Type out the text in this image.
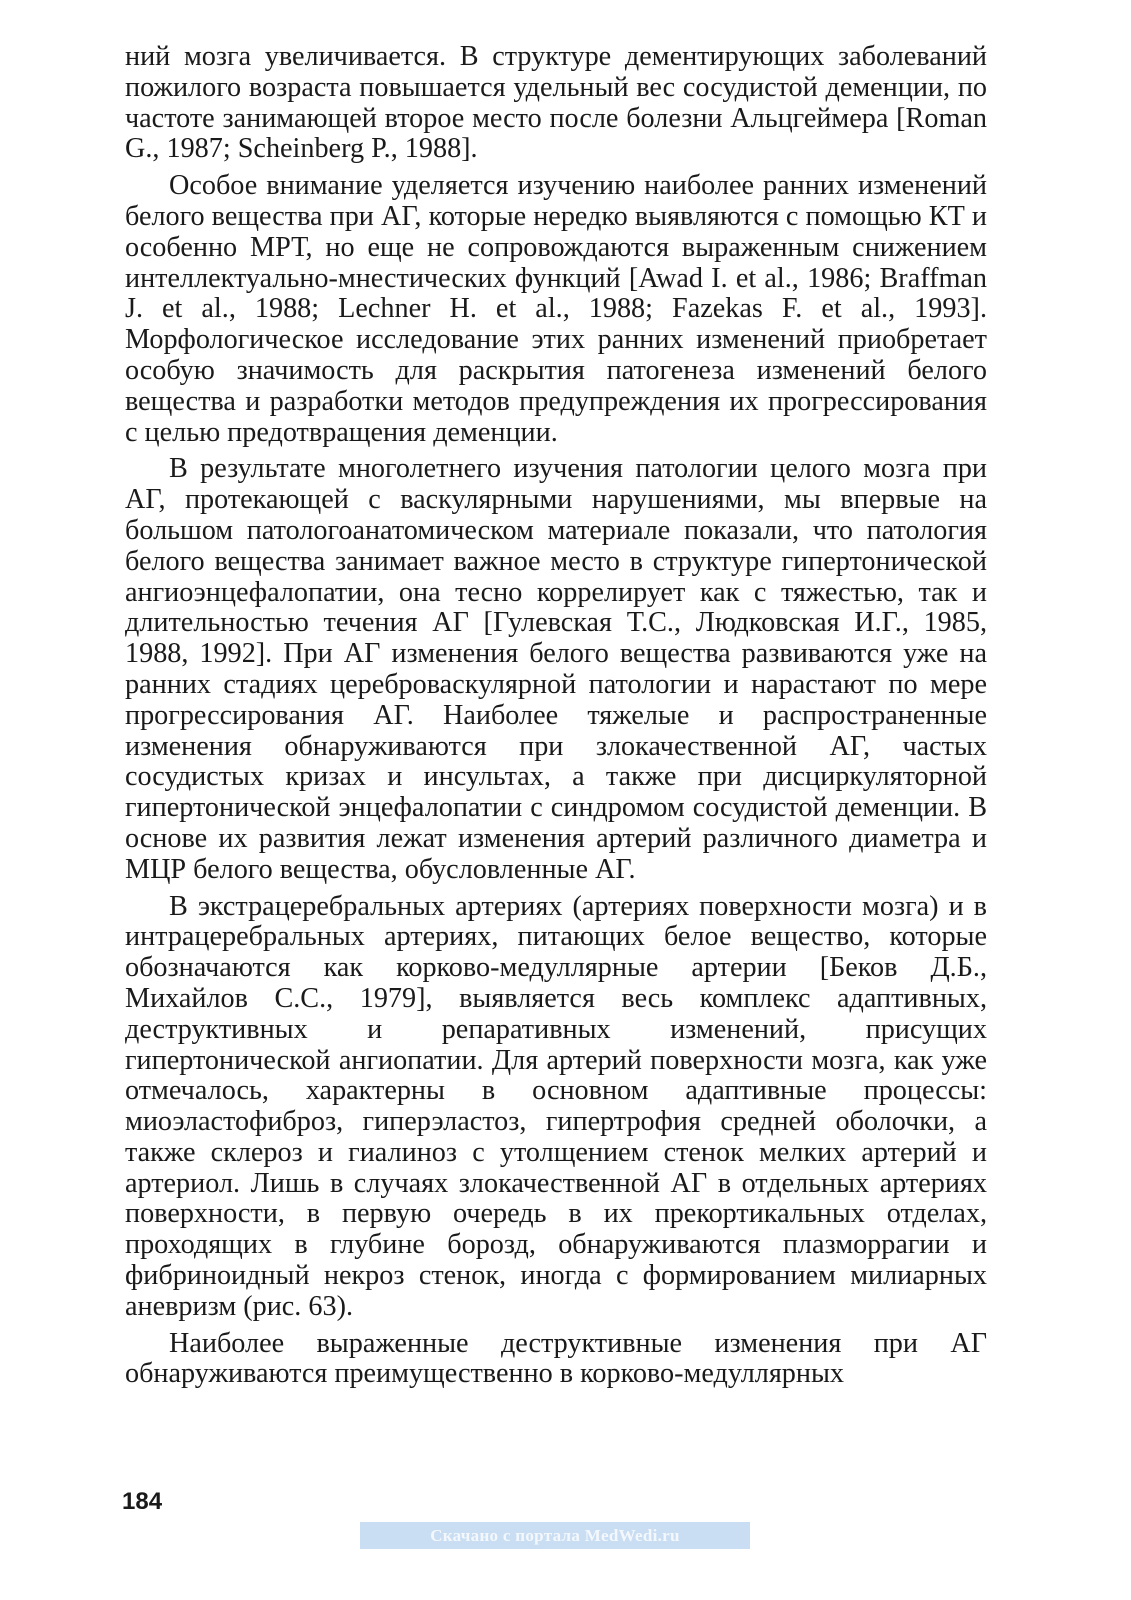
ний мозга увеличивается. В структуре дементирующих заболеваний пожилого возраста повышается удельный вес сосудистой деменции, по частоте занимающей второе место после болезни Альцгеймера [Roman G., 1987; Scheinberg P., 1988].

Особое внимание уделяется изучению наиболее ранних изменений белого вещества при АГ, которые нередко выявляются с помощью КТ и особенно МРТ, но еще не сопровождаются выраженным снижением интеллектуально-мнестических функций [Awad I. et al., 1986; Braffman J. et al., 1988; Lechner H. et al., 1988; Fazekas F. et al., 1993]. Морфологическое исследование этих ранних изменений приобретает особую значимость для раскрытия патогенеза изменений белого вещества и разработки методов предупреждения их прогрессирования с целью предотвращения деменции.

В результате многолетнего изучения патологии целого мозга при АГ, протекающей с васкулярными нарушениями, мы впервые на большом патологоанатомическом материале показали, что патология белого вещества занимает важное место в структуре гипертонической ангиоэнцефалопатии, она тесно коррелирует как с тяжестью, так и длительностью течения АГ [Гулевская Т.С., Людковская И.Г., 1985, 1988, 1992]. При АГ изменения белого вещества развиваются уже на ранних стадиях цереброваскулярной патологии и нарастают по мере прогрессирования АГ. Наиболее тяжелые и распространенные изменения обнаруживаются при злокачественной АГ, частых сосудистых кризах и инсультах, а также при дисциркуляторной гипертонической энцефалопатии с синдромом сосудистой деменции. В основе их развития лежат изменения артерий различного диаметра и МЦР белого вещества, обусловленные АГ.

В экстрацеребральных артериях (артериях поверхности мозга) и в интрацеребральных артериях, питающих белое вещество, которые обозначаются как корково-медуллярные артерии [Беков Д.Б., Михайлов С.С., 1979], выявляется весь комплекс адаптивных, деструктивных и репаративных изменений, присущих гипертонической ангиопатии. Для артерий поверхности мозга, как уже отмечалось, характерны в основном адаптивные процессы: миоэластофиброз, гиперэластоз, гипертрофия средней оболочки, а также склероз и гиалиноз с утолщением стенок мелких артерий и артериол. Лишь в случаях злокачественной АГ в отдельных артериях поверхности, в первую очередь в их прекортикальных отделах, проходящих в глубине борозд, обнаруживаются плазморрагии и фибриноидный некроз стенок, иногда с формированием милиарных аневризм (рис. 63).

Наиболее выраженные деструктивные изменения при АГ обнаруживаются преимущественно в корково-медуллярных

184
Скачано с портала MedWedi.ru
